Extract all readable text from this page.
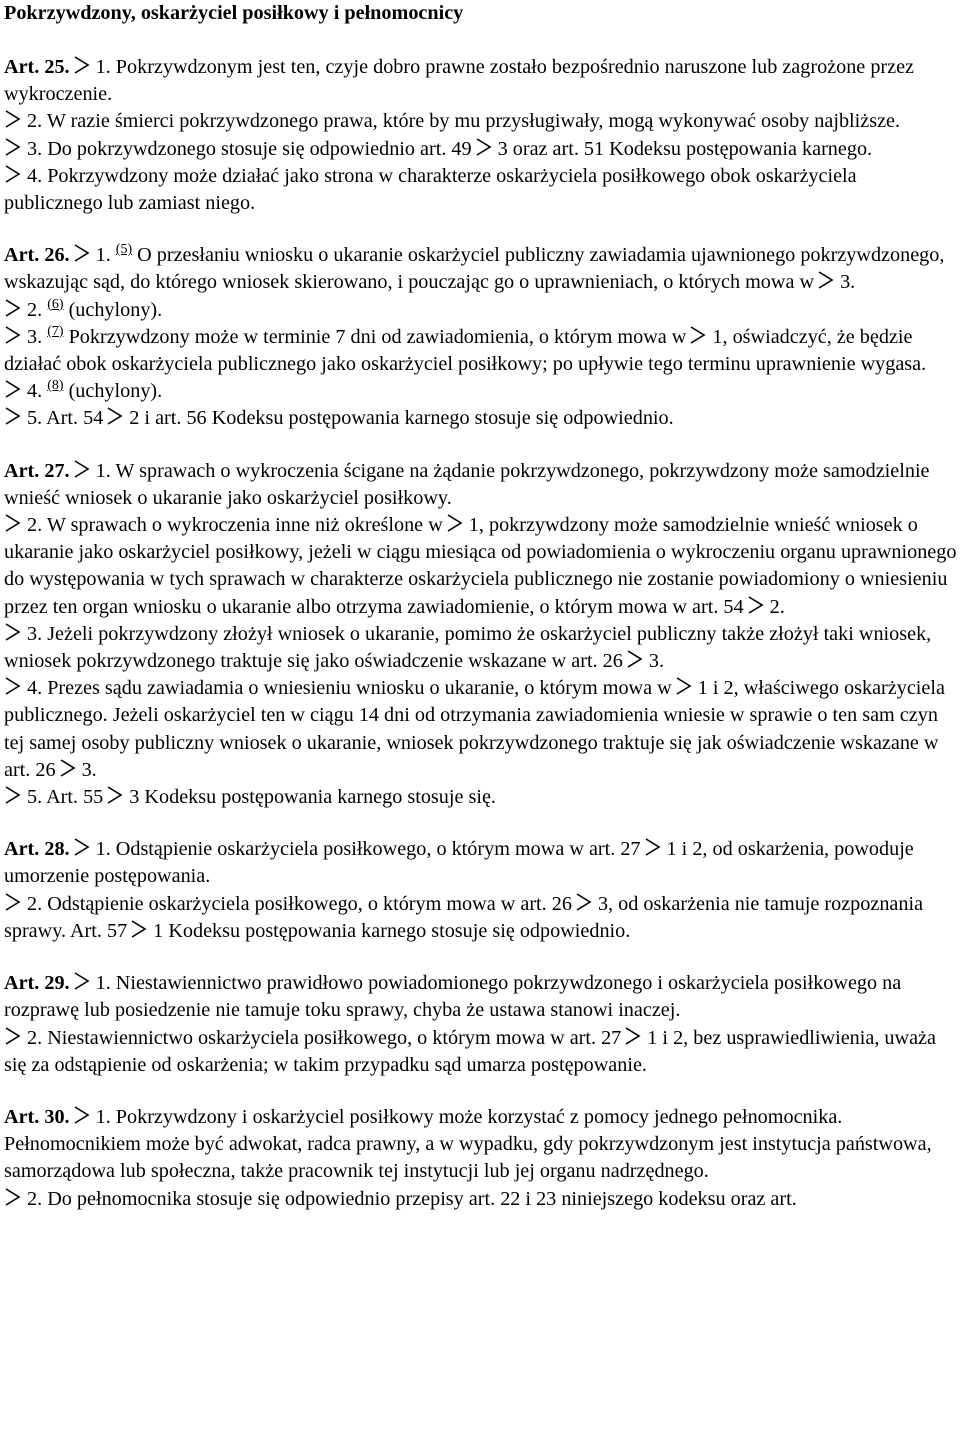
Pokrzywdzony, oskarżyciel posiłkowy i pełnomocnicy

Art. 25. 1. Pokrzywdzonym jest ten, czyje dobro prawne zostało bezpośrednio naruszone lub zagrożone przez wykroczenie.

2. W razie śmierci pokrzywdzonego prawa, które by mu przysługiwały, mogą wykonywać osoby najbliższe.

3. Do pokrzywdzonego stosuje się odpowiednio art. 49 3 oraz art. 51 Kodeksu postępowania karnego.

4. Pokrzywdzony może działać jako strona w charakterze oskarżyciela posiłkowego obok oskarżyciela publicznego lub zamiast niego.

Art. 26. 1. $^{(5)}$ O przesłaniu wniosku o ukaranie oskarżyciel publiczny zawiadamia ujawnionego pokrzywdzonego, wskazując sąd, do którego wniosek skierowano, i pouczając go o uprawnieniach, o których mowa w 3.

2. $^{(6)}$ (uchylony).

3. $^{(7)}$ Pokrzywdzony może w terminie 7 dni od zawiadomienia, o którym mowa w 1, oświadczyć, że będzie działać obok oskarżyciela publicznego jako oskarżyciel posiłkowy; po upływie tego terminu uprawnienie wygasa.

4. $^{(8)}$ (uchylony).

5. Art. 54 2 i art. 56 Kodeksu postępowania karnego stosuje się odpowiednio.

Art. 27. 1. W sprawach o wykroczenia ścigane na żądanie pokrzywdzonego, pokrzywdzony może samodzielnie wnieść wniosek o ukaranie jako oskarżyciel posiłkowy.

2. W sprawach o wykroczenia inne niż określone w 1, pokrzywdzony może samodzielnie wnieść wniosek o ukaranie jako oskarżyciel posiłkowy, jeżeli w ciągu miesiąca od powiadomienia o wykroczeniu organu uprawnionego do występowania w tych sprawach w charakterze oskarżyciela publicznego nie zostanie powiadomiony o wniesieniu przez ten organ wniosku o ukaranie albo otrzyma zawiadomienie, o którym mowa w art. 54 2.

3. Jeżeli pokrzywdzony złożył wniosek o ukaranie, pomimo że oskarżyciel publiczny także złożył taki wniosek, wniosek pokrzywdzonego traktuje się jako oświadczenie wskazane w art. 26 3.

4. Prezes sądu zawiadamia o wniesieniu wniosku o ukaranie, o którym mowa w 1 i 2, właściwego oskarżyciela publicznego. Jeżeli oskarżyciel ten w ciągu 14 dni od otrzymania zawiadomienia wniesie w sprawie o ten sam czyn tej samej osoby publiczny wniosek o ukaranie, wniosek pokrzywdzonego traktuje się jak oświadczenie wskazane w art. 26 3.

5. Art. 55 3 Kodeksu postępowania karnego stosuje się.

Art. 28. 1. Odstąpienie oskarżyciela posiłkowego, o którym mowa w art. 27 1 i 2, od oskarżenia, powoduje umorzenie postępowania.

2. Odstąpienie oskarżyciela posiłkowego, o którym mowa w art. 26 3, od oskarżenia nie tamuje rozpoznania sprawy. Art. 57 1 Kodeksu postępowania karnego stosuje się odpowiednio.

Art. 29. 1. Niestawiennictwo prawidłowo powiadomionego pokrzywdzonego i oskarżyciela posiłkowego na rozprawę lub posiedzenie nie tamuje toku sprawy, chyba że ustawa stanowi inaczej.

2. Niestawiennictwo oskarżyciela posiłkowego, o którym mowa w art. 27 1 i 2, bez usprawiedliwienia, uważa się za odstąpienie od oskarżenia; w takim przypadku sąd umarza postępowanie.

Art. 30. 1. Pokrzywdzony i oskarżyciel posiłkowy może korzystać z pomocy jednego pełnomocnika. Pełnomocnikiem może być adwokat, radca prawny, a w wypadku, gdy pokrzywdzonym jest instytucja państwowa, samorządowa lub społeczna, także pracownik tej instytucji lub jej organu nadrzędnego.

2. Do pełnomocnika stosuje się odpowiednio przepisy art. 22 i 23 niniejszego kodeksu oraz art.
